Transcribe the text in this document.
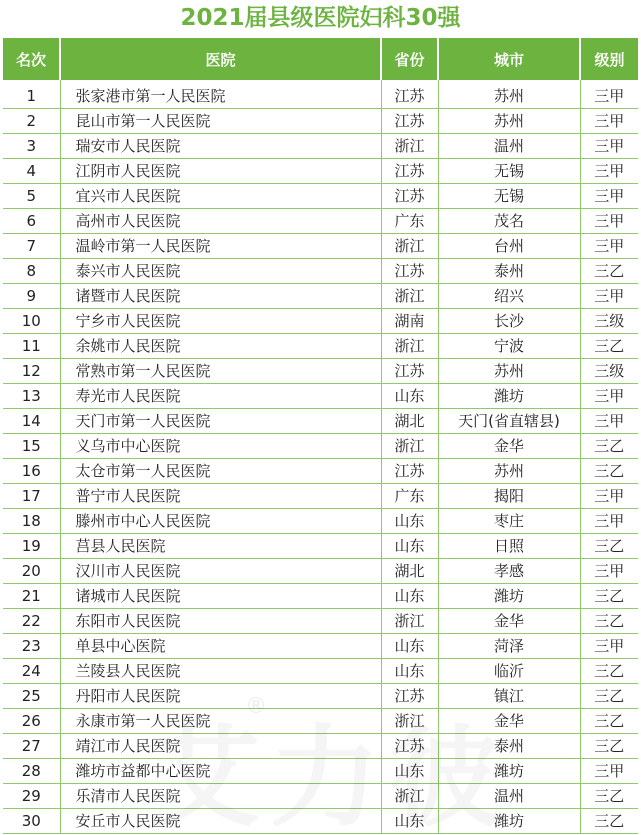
2021届县级医院妇科30强
名次	医院	省份	城市	级别
1	张家港市第一人民医院	江苏	苏州	三甲
2	昆山市第一人民医院	江苏	苏州	三甲
3	瑞安市人民医院	浙江	温州	三甲
4	江阴市人民医院	江苏	无锡	三甲
5	宜兴市人民医院	江苏	无锡	三甲
6	高州市人民医院	广东	茂名	三甲
7	温岭市第一人民医院	浙江	台州	三甲
8	泰兴市人民医院	江苏	泰州	三乙
9	诸暨市人民医院	浙江	绍兴	三甲
10	宁乡市人民医院	湖南	长沙	三级
11	余姚市人民医院	浙江	宁波	三乙
12	常熟市第一人民医院	江苏	苏州	三级
13	寿光市人民医院	山东	潍坊	三甲
14	天门市第一人民医院	湖北	天门(省直辖县)	三甲
15	义乌市中心医院	浙江	金华	三乙
16	太仓市第一人民医院	江苏	苏州	三乙
17	普宁市人民医院	广东	揭阳	三甲
18	滕州市中心人民医院	山东	枣庄	三甲
19	莒县人民医院	山东	日照	三乙
20	汉川市人民医院	湖北	孝感	三甲
21	诸城市人民医院	山东	潍坊	三乙
22	东阳市人民医院	浙江	金华	三乙
23	单县中心医院	山东	菏泽	三甲
24	兰陵县人民医院	山东	临沂	三乙
25	丹阳市人民医院	江苏	镇江	三乙
26	永康市第一人民医院	浙江	金华	三乙
27	靖江市人民医院	江苏	泰州	三乙
28	潍坊市益都中心医院	山东	潍坊	三甲
29	乐清市人民医院	浙江	温州	三乙
30	安丘市人民医院	山东	潍坊	三乙
®
